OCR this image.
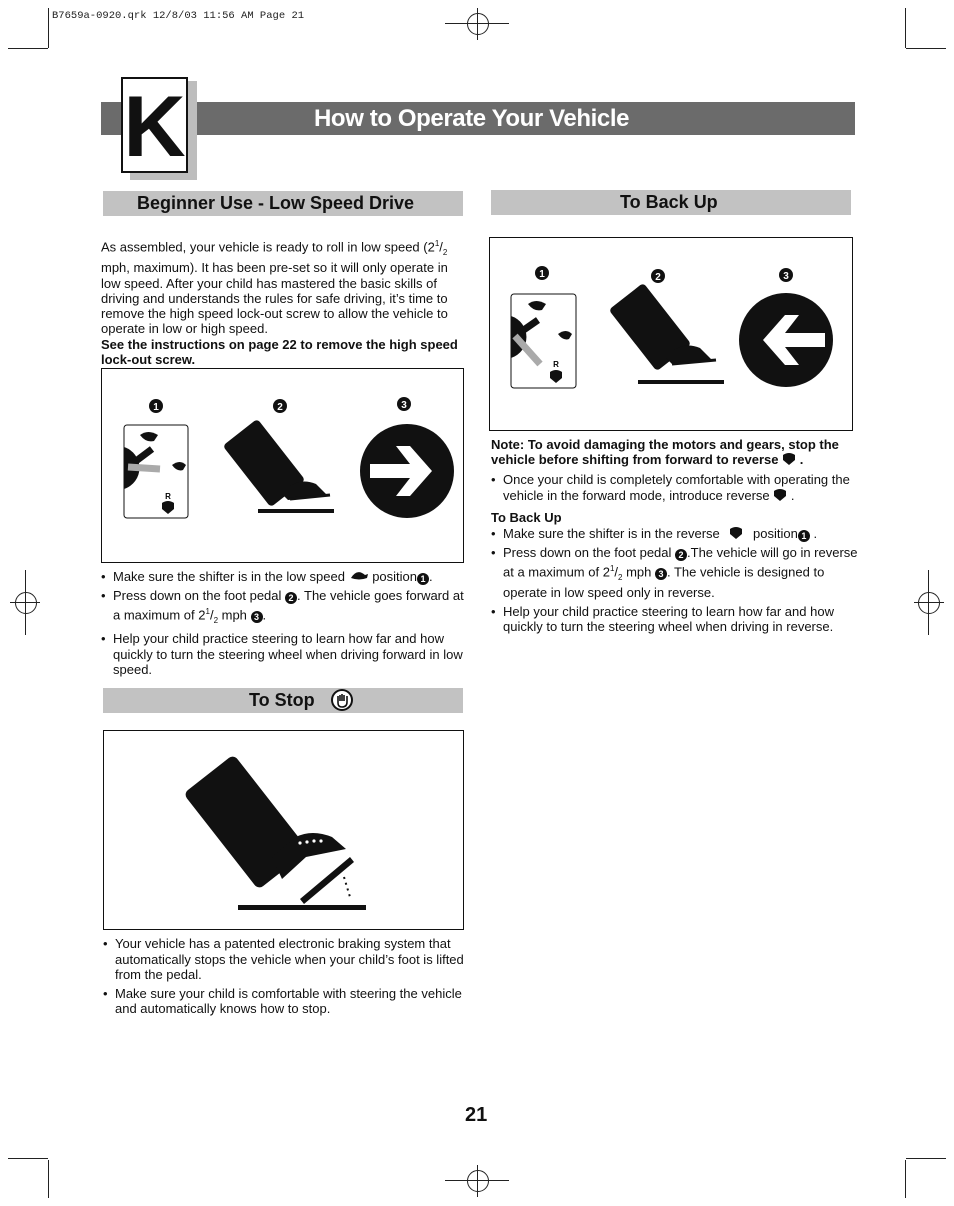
B7659a-0920.qrk 12/8/03 11:56 AM Page 21
K	How to Operate Your Vehicle
Beginner Use - Low Speed Drive
As assembled, your vehicle is ready to roll in low speed ($2^1/_2$ mph, maximum). It has been pre-set so it will only operate in low speed. After your child has mastered the basic skills of driving and understands the rules for safe driving, it’s time to remove the high speed lock-out screw to allow the vehicle to operate in low or high speed.
See the instructions on page 22 to remove the high speed lock-out screw.
1	2	3
R
• Make sure the shifter is in the low speed position 1 .
• Press down on the foot pedal 2 . The vehicle goes forward at a maximum of $2^1/_2$ mph 3 .
• Help your child practice steering to learn how far and how quickly to turn the steering wheel when driving forward in low speed.
To Stop
• Your vehicle has a patented electronic braking system that automatically stops the vehicle when your child’s foot is lifted from the pedal.
• Make sure your child is comfortable with steering the vehicle and automatically knows how to stop.
To Back Up
1	2	3
R
Note: To avoid damaging the motors and gears, stop the vehicle before shifting from forward to reverse  .
• Once your child is completely comfortable with operating the vehicle in the forward mode, introduce reverse  .
To Back Up
• Make sure the shifter is in the reverse	position 1 .
• Press down on the foot pedal 2 .The vehicle will go in reverse at a maximum of $2^1/_2$ mph 3 . The vehicle is designed to operate in low speed only in reverse.
• Help your child practice steering to learn how far and how quickly to turn the steering wheel when driving in reverse.
21
